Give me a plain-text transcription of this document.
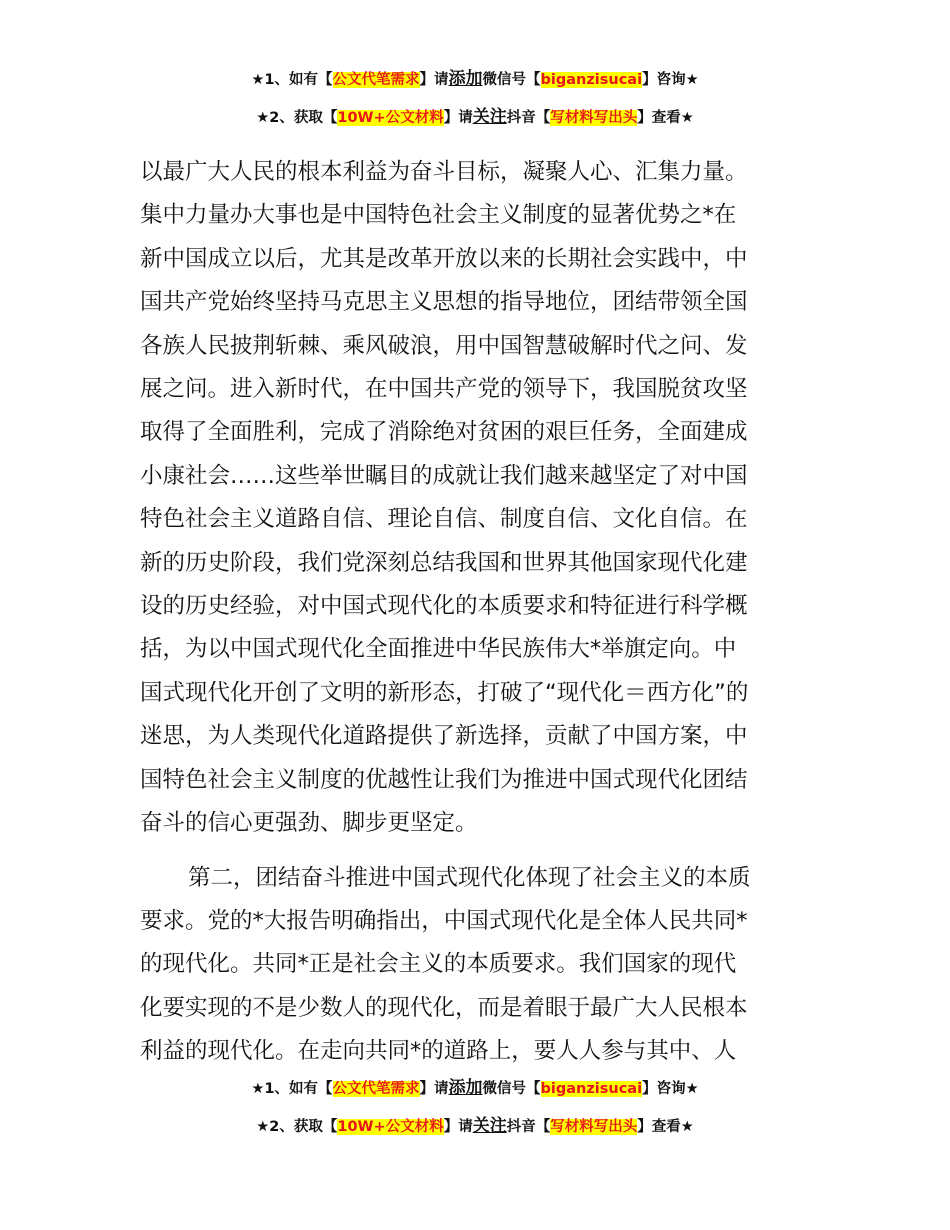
★1、如有【公文代笔需求】请添加微信号【biganzisucai】咨询★
★2、获取【10W+公文材料】请关注抖音【写材料写出头】查看★

以最广大人民的根本利益为奋斗目标，凝聚人心、汇集力量。
集中力量办大事也是中国特色社会主义制度的显著优势之*在
新中国成立以后，尤其是改革开放以来的长期社会实践中，中
国共产党始终坚持马克思主义思想的指导地位，团结带领全国
各族人民披荆斩棘、乘风破浪，用中国智慧破解时代之问、发
展之问。进入新时代，在中国共产党的领导下，我国脱贫攻坚
取得了全面胜利，完成了消除绝对贫困的艰巨任务，全面建成
小康社会……这些举世瞩目的成就让我们越来越坚定了对中国
特色社会主义道路自信、理论自信、制度自信、文化自信。在
新的历史阶段，我们党深刻总结我国和世界其他国家现代化建
设的历史经验，对中国式现代化的本质要求和特征进行科学概
括，为以中国式现代化全面推进中华民族伟大*举旗定向。中
国式现代化开创了文明的新形态，打破了“现代化＝西方化”的
迷思，为人类现代化道路提供了新选择，贡献了中国方案，中
国特色社会主义制度的优越性让我们为推进中国式现代化团结
奋斗的信心更强劲、脚步更坚定。

第二，团结奋斗推进中国式现代化体现了社会主义的本质
要求。党的*大报告明确指出，中国式现代化是全体人民共同*
的现代化。共同*正是社会主义的本质要求。我们国家的现代
化要实现的不是少数人的现代化，而是着眼于最广大人民根本
利益的现代化。在走向共同*的道路上，要人人参与其中、人

★1、如有【公文代笔需求】请添加微信号【biganzisucai】咨询★
★2、获取【10W+公文材料】请关注抖音【写材料写出头】查看★
